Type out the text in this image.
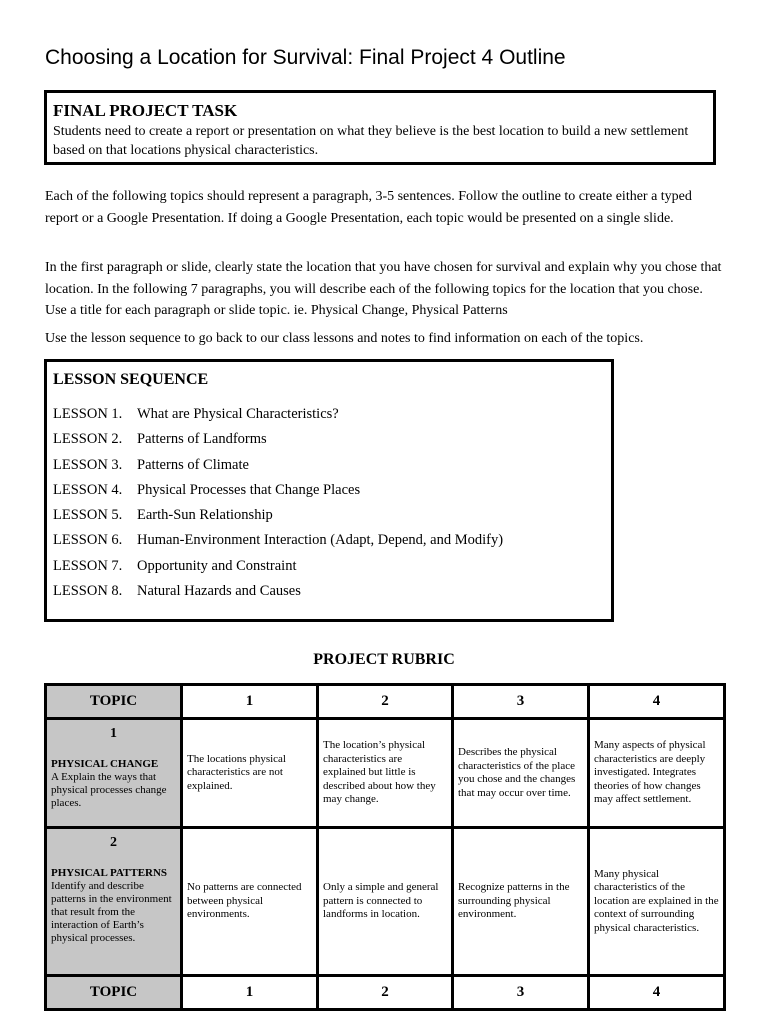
Choosing a Location for Survival: Final Project 4 Outline
FINAL PROJECT TASK
Students need to create a report or presentation on what they believe is the best location to build a new settlement based on that locations physical characteristics.
Each of the following topics should represent a paragraph, 3-5 sentences. Follow the outline to create either a typed report or a Google Presentation. If doing a Google Presentation, each topic would be presented on a single slide.
In the first paragraph or slide, clearly state the location that you have chosen for survival and explain why you chose that location. In the following 7 paragraphs, you will describe each of the following topics for the location that you chose. Use a title for each paragraph or slide topic. ie. Physical Change, Physical Patterns
Use the lesson sequence to go back to our class lessons and notes to find information on each of the topics.
LESSON SEQUENCE
LESSON 1.	What are Physical Characteristics?
LESSON 2.	Patterns of Landforms
LESSON 3.	Patterns of Climate
LESSON 4.	Physical Processes that Change Places
LESSON 5.	Earth-Sun Relationship
LESSON 6.	Human-Environment Interaction (Adapt, Depend, and Modify)
LESSON 7.	Opportunity and Constraint
LESSON 8.	Natural Hazards and Causes
PROJECT RUBRIC
TOPIC	1	2	3	4

1
PHYSICAL CHANGE
A Explain the ways that physical processes change places.	The locations physical characteristics are not explained.	The location’s physical characteristics are explained but little is described about how they may change.	Describes the physical characteristics of the place you chose and the changes that may occur over time.	Many aspects of physical characteristics are deeply investigated. Integrates theories of how changes may affect settlement.

2
PHYSICAL PATTERNS
Identify and describe patterns in the environment that result from the interaction of Earth’s physical processes.	No patterns are connected between physical environments.	Only a simple and general pattern is connected to landforms in location.	Recognize patterns in the surrounding physical environment.	Many physical characteristics of the location are explained in the context of surrounding physical characteristics.

TOPIC	1	2	3	4
